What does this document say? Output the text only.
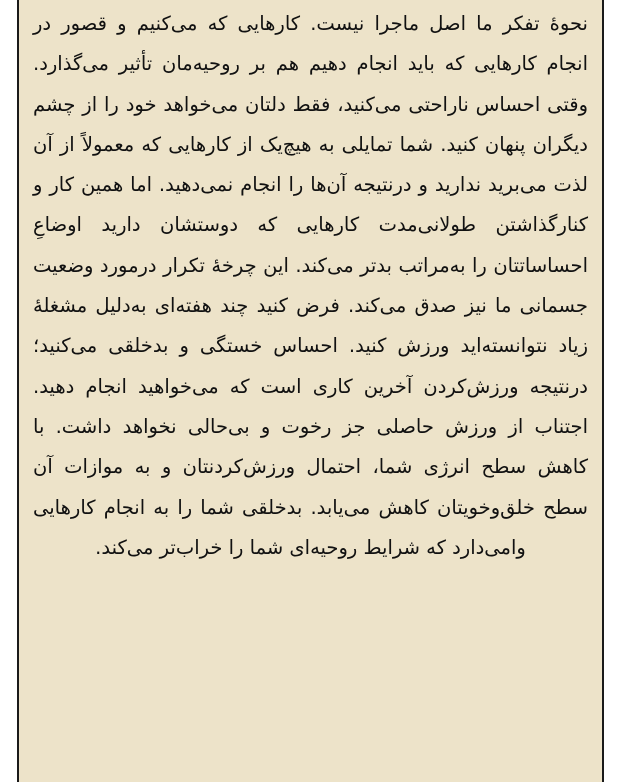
نحوهٔ تفکر ما اصل ماجرا نیست. کارهایی که می‌کنیم و قصور در انجام کارهایی که باید انجام دهیم هم بر روحیه‌مان تأثیر می‌گذارد. وقتی احساس ناراحتی می‌کنید، فقط دلتان می‌خواهد خود را از چشم دیگران پنهان کنید. شما تمایلی به هیچ‌یک از کارهایی که معمولاً از آن لذت می‌برید ندارید و درنتیجه آن‌ها را انجام نمی‌دهید. اما همین کار و کنارگذاشتن طولانی‌مدت کارهایی که دوستشان دارید اوضاعِ احساساتتان را به‌مراتب بدتر می‌کند. این چرخهٔ تکرار درمورد وضعیت جسمانی ما نیز صدق می‌کند. فرض کنید چند هفته‌ای به‌دلیل مشغلهٔ زیاد نتوانسته‌اید ورزش کنید. احساس خستگی و بدخلقی می‌کنید؛ درنتیجه ورزش‌کردن آخرین کاری است که می‌خواهید انجام دهید. اجتناب از ورزش حاصلی جز رخوت و بی‌حالی نخواهد داشت. با کاهش سطح انرژی شما، احتمال ورزش‌کردنتان و به موازات آن سطح خلق‌وخویتان کاهش می‌یابد. بدخلقی شما را به انجام کارهایی وامی‌دارد که شرایط روحیه‌ای شما را خراب‌تر می‌کند.
